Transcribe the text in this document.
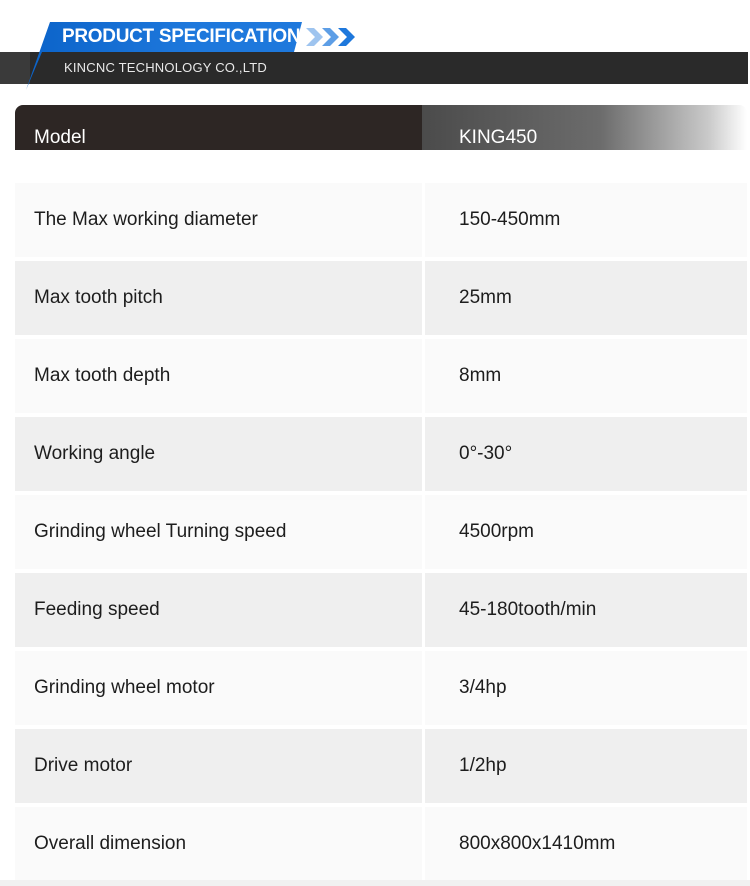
PRODUCT SPECIFICATION
KINCNC TECHNOLOGY CO.,LTD
Model	KING450
The Max working diameter	150-450mm
Max tooth pitch	25mm
Max tooth depth	8mm
Working angle	0°-30°
Grinding wheel Turning speed	4500rpm
Feeding speed	45-180tooth/min
Grinding wheel motor	3/4hp
Drive motor	1/2hp
Overall dimension	800x800x1410mm
